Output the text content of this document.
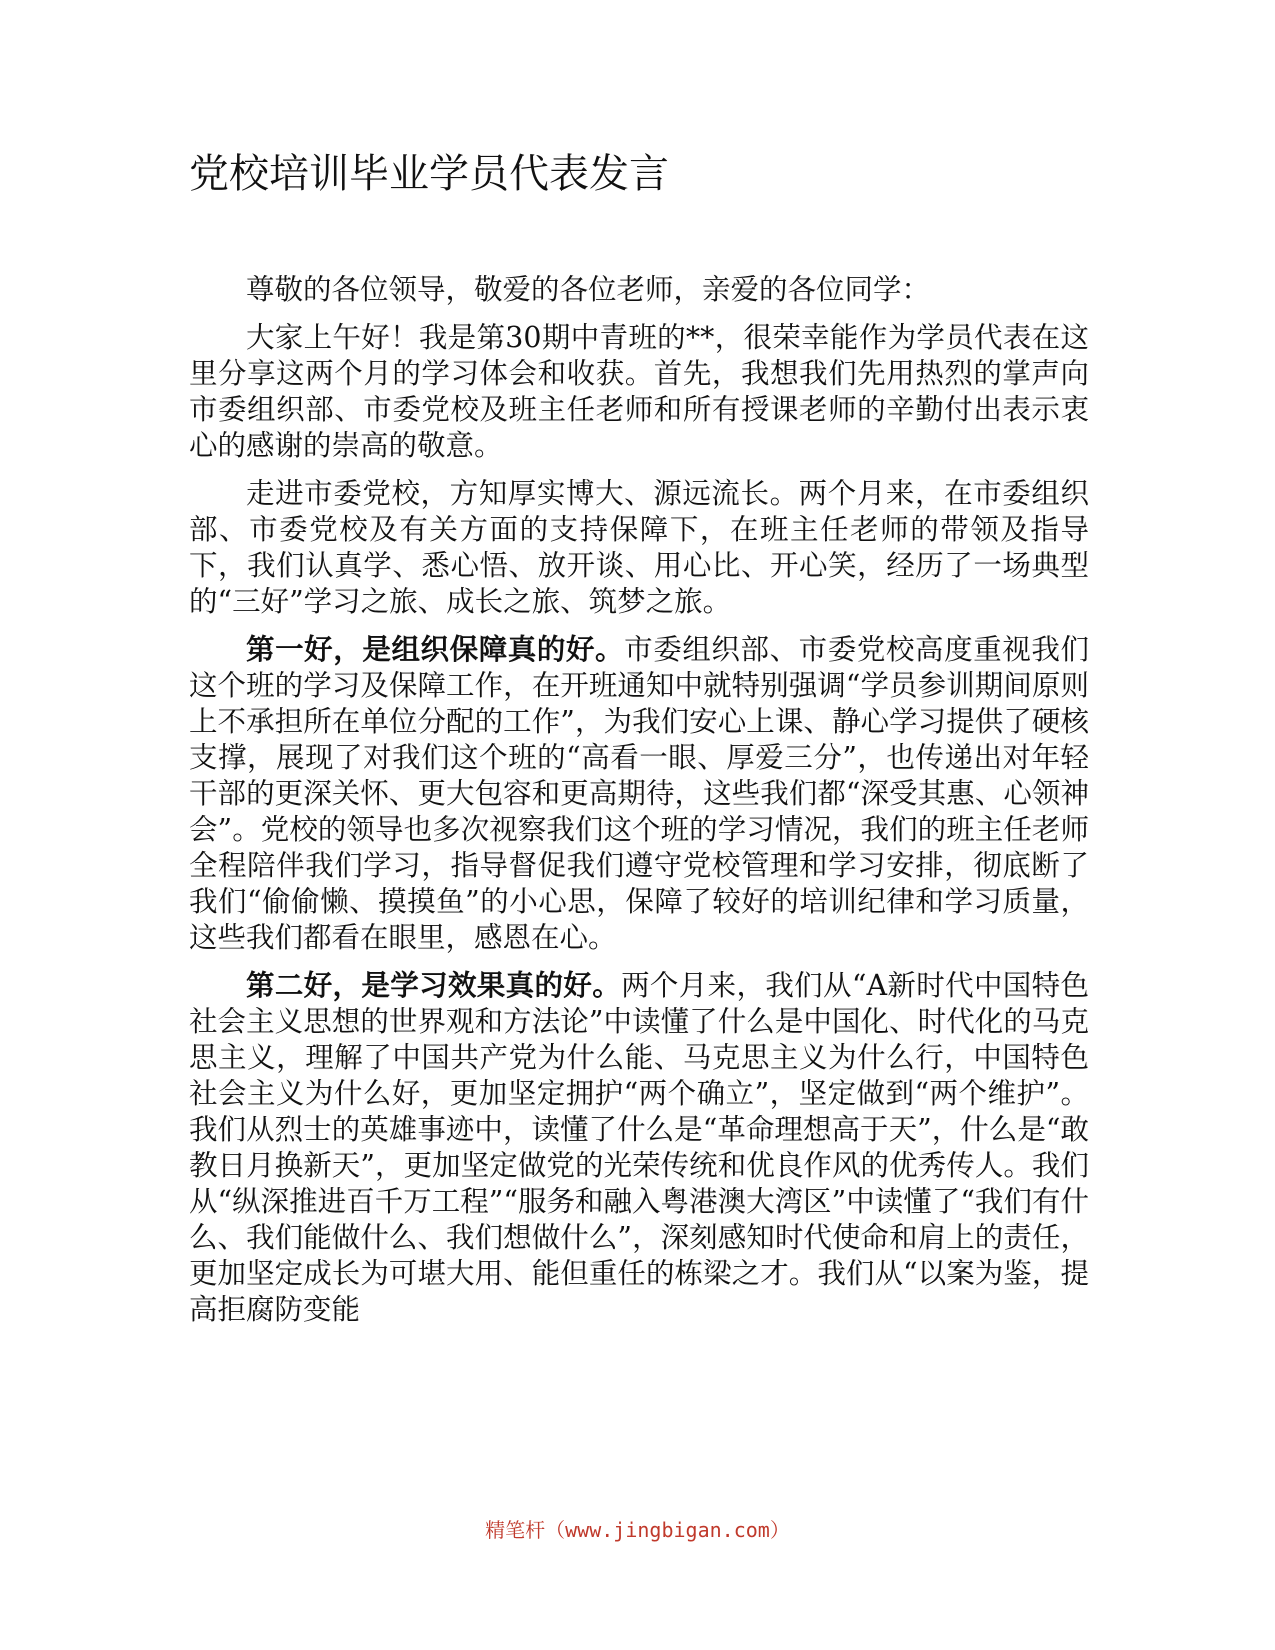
党校培训毕业学员代表发言

尊敬的各位领导，敬爱的各位老师，亲爱的各位同学：

大家上午好！我是第30期中青班的**，很荣幸能作为学员代表在这里分享这两个月的学习体会和收获。首先，我想我们先用热烈的掌声向市委组织部、市委党校及班主任老师和所有授课老师的辛勤付出表示衷心的感谢的崇高的敬意。

走进市委党校，方知厚实博大、源远流长。两个月来，在市委组织部、市委党校及有关方面的支持保障下，在班主任老师的带领及指导下，我们认真学、悉心悟、放开谈、用心比、开心笑，经历了一场典型的“三好”学习之旅、成长之旅、筑梦之旅。

第一好，是组织保障真的好。市委组织部、市委党校高度重视我们这个班的学习及保障工作，在开班通知中就特别强调“学员参训期间原则上不承担所在单位分配的工作”，为我们安心上课、静心学习提供了硬核支撑，展现了对我们这个班的“高看一眼、厚爱三分”，也传递出对年轻干部的更深关怀、更大包容和更高期待，这些我们都“深受其惠、心领神会”。党校的领导也多次视察我们这个班的学习情况，我们的班主任老师全程陪伴我们学习，指导督促我们遵守党校管理和学习安排，彻底断了我们“偷偷懒、摸摸鱼”的小心思，保障了较好的培训纪律和学习质量，这些我们都看在眼里，感恩在心。

第二好，是学习效果真的好。两个月来，我们从“A新时代中国特色社会主义思想的世界观和方法论”中读懂了什么是中国化、时代化的马克思主义，理解了中国共产党为什么能、马克思主义为什么行，中国特色社会主义为什么好，更加坚定拥护“两个确立”，坚定做到“两个维护”。我们从烈士的英雄事迹中，读懂了什么是“革命理想高于天”，什么是“敢教日月换新天”，更加坚定做党的光荣传统和优良作风的优秀传人。我们从“纵深推进百千万工程”“服务和融入粤港澳大湾区”中读懂了“我们有什么、我们能做什么、我们想做什么”，深刻感知时代使命和肩上的责任，更加坚定成长为可堪大用、能但重任的栋梁之才。我们从“以案为鉴，提高拒腐防变能

精笔杆（www.jingbigan.com）
